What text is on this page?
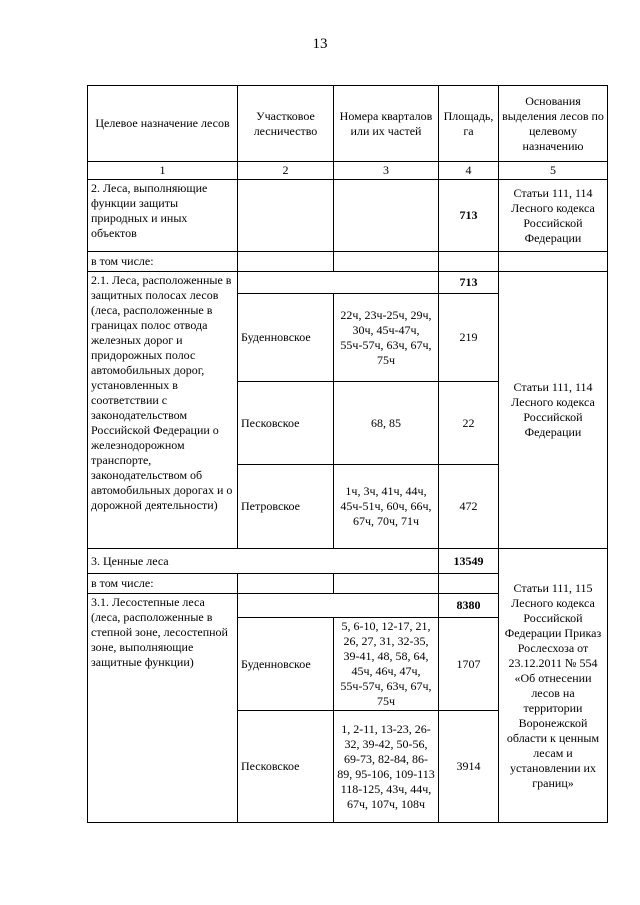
13
Целевое назначение лесов	Участковое лесничество	Номера кварталов или их частей	Площадь, га	Основания выделения лесов по целевому назначению
1	2	3	4	5
2. Леса, выполняющие функции защиты природных и иных объектов			713	Статьи 111, 114 Лесного кодекса Российской Федерации
в том числе:				
2.1. Леса, расположенные в защитных полосах лесов (леса, расположенные в границах полос отвода железных дорог и придорожных полос автомобильных дорог, установленных в соответствии с законодательством Российской Федерации о железнодорожном транспорте, законодательством об автомобильных дорогах и о дорожной деятельности)			713	Статьи 111, 114 Лесного кодекса Российской Федерации
	Буденновское	22ч, 23ч-25ч, 29ч, 30ч, 45ч-47ч, 55ч-57ч, 63ч, 67ч, 75ч	219	
	Песковское	68, 85	22	
	Петровское	1ч, 3ч, 41ч, 44ч, 45ч-51ч, 60ч, 66ч, 67ч, 70ч, 71ч	472	
3. Ценные леса			13549	Статьи 111, 115 Лесного кодекса Российской Федерации Приказ Рослесхоза от 23.12.2011 № 554 «Об отнесении лесов на территории Воронежской области к ценным лесам и установлении их границ»
в том числе:				
3.1. Лесостепные леса (леса, расположенные в степной зоне, лесостепной зоне, выполняющие защитные функции)			8380	
	Буденновское	5, 6-10, 12-17, 21, 26, 27, 31, 32-35, 39-41, 48, 58, 64, 45ч, 46ч, 47ч, 55ч-57ч, 63ч, 67ч, 75ч	1707	
	Песковское	1, 2-11, 13-23, 26-32, 39-42, 50-56, 69-73, 82-84, 86-89, 95-106, 109-113 118-125, 43ч, 44ч, 67ч, 107ч, 108ч	3914	
